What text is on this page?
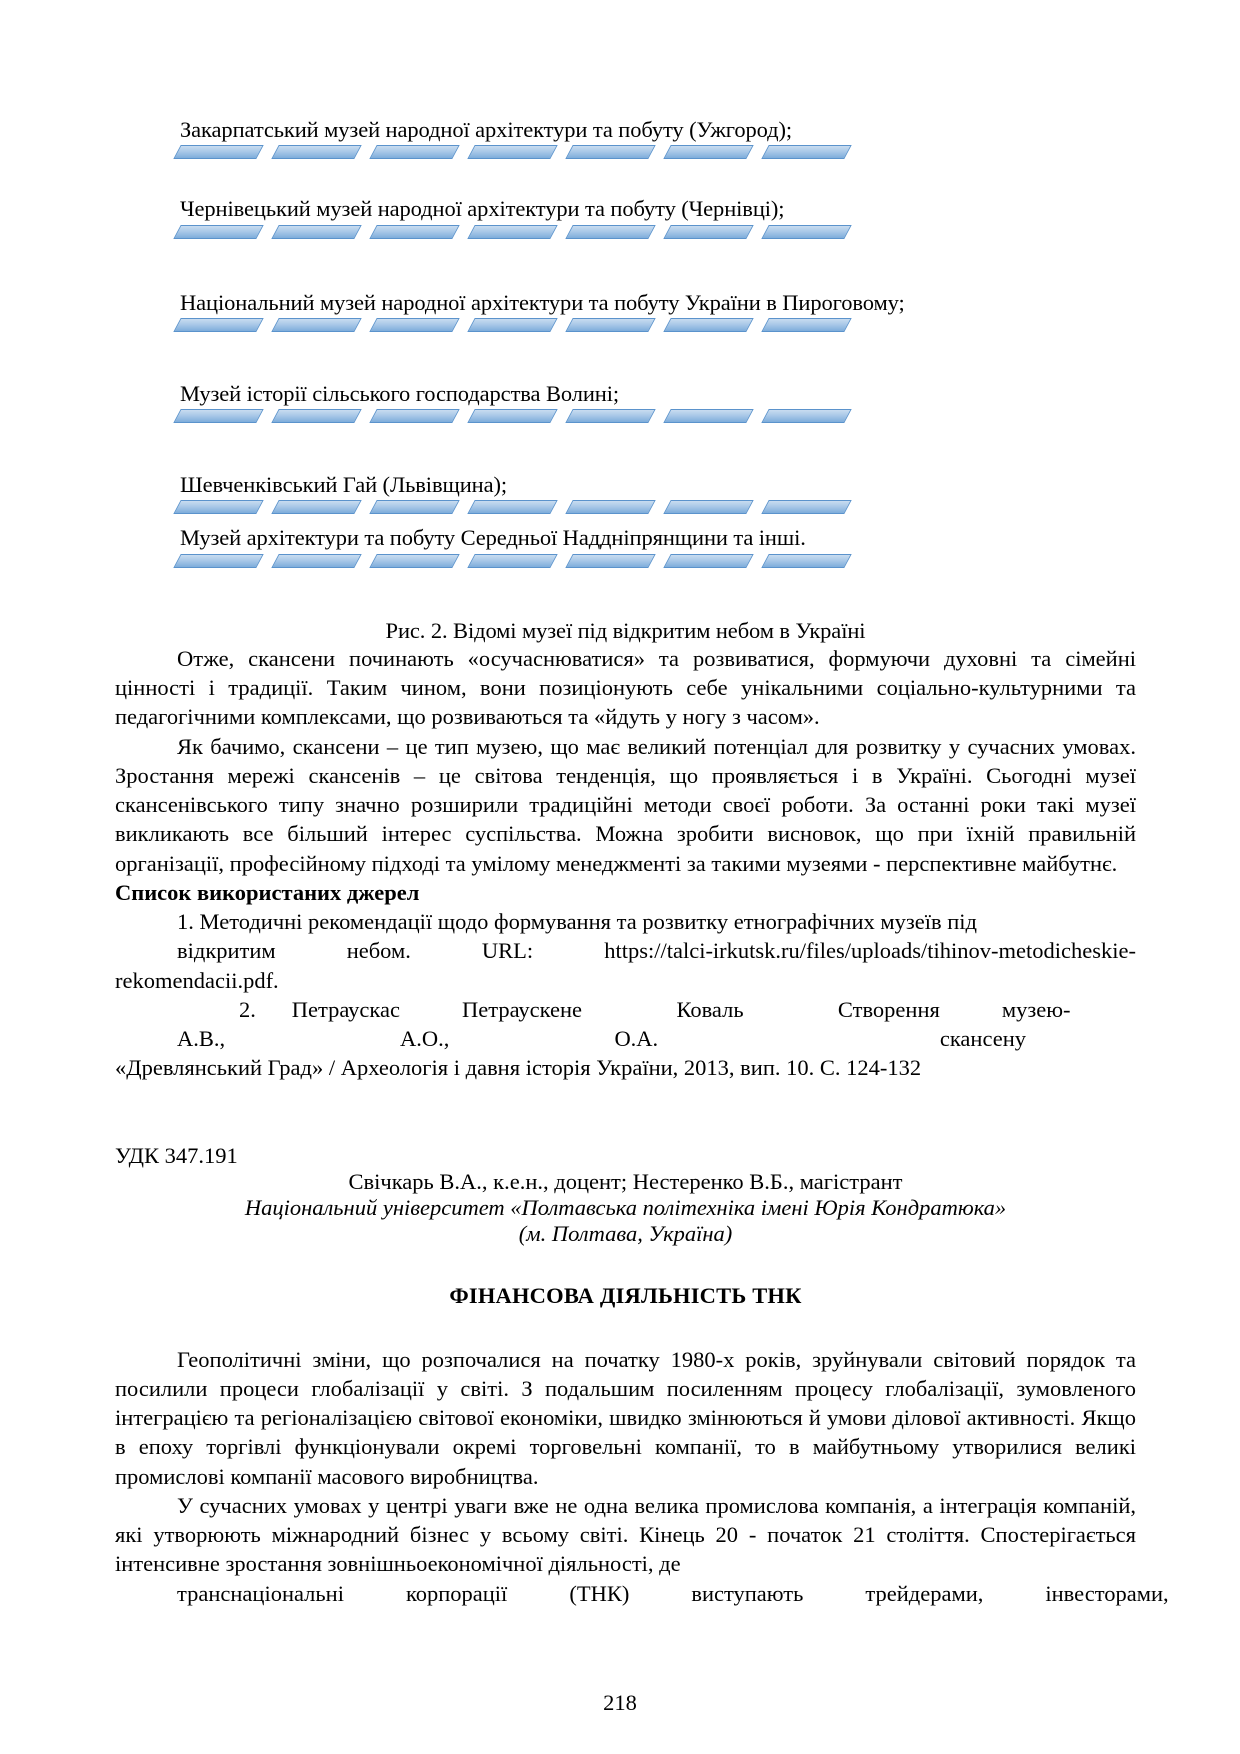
Закарпатський музей народної архітектури та побуту (Ужгород);
Чернівецький музей народної архітектури та побуту (Чернівці);
Національний музей народної архітектури та побуту України в Пироговому;
Музей історії сільського господарства Волині;
Шевченківський Гай (Львівщина);
Музей архітектури та побуту Середньої Наддніпрянщини та інші.
Рис. 2. Відомі музеї під відкритим небом в Україні

Отже, скансени починають «осучаснюватися» та розвиватися, формуючи духовні та сімейні цінності і традиції. Таким чином, вони позиціонують себе унікальними соціально-культурними та педагогічними комплексами, що розвиваються та «йдуть у ногу з часом».

Як бачимо, скансени – це тип музею, що має великий потенціал для розвитку у сучасних умовах. Зростання мережі скансенів – це світова тенденція, що проявляється і в Україні. Сьогодні музеї скансенівського типу значно розширили традиційні методи своєї роботи. За останні роки такі музеї викликають все більший інтерес суспільства. Можна зробити висновок, що при їхній правильній організації, професійному підході та умілому менеджменті за такими музеями - перспективне майбутнє.

Список використаних джерел

1. Методичні рекомендації щодо формування та розвитку етнографічних музеїв під

відкритим	небом.	URL:	https://talci-irkutsk.ru/files/uploads/tihinov-metodicheskie-

rekomendacii.pdf.

2. Петраускас А.В.,
Петраускене А.О.,
Коваль О.А.
Створення	музею-скансену

«Древлянський Град» / Археологія і давня історія України, 2013, вип. 10. С. 124-132

УДК 347.191
Свічкарь В.А., к.е.н., доцент; Нестеренко В.Б., магістрант
Національний університет «Полтавська політехніка імені Юрія Кондратюка»
(м. Полтава, Україна)
ФІНАНСОВА ДІЯЛЬНІСТЬ ТНК

Геополітичні зміни, що розпочалися на початку 1980-х років, зруйнували світовий порядок та посилили процеси глобалізації у світі. З подальшим посиленням процесу глобалізації, зумовленого інтеграцією та регіоналізацією світової економіки, швидко змінюються й умови ділової активності. Якщо в епоху торгівлі функціонували окремі торговельні компанії, то в майбутньому утворилися великі промислові компанії масового виробництва.

У сучасних умовах у центрі уваги вже не одна велика промислова компанія, а інтеграція компаній, які утворюють міжнародний бізнес у всьому світі. Кінець 20 - початок 21 століття. Спостерігається інтенсивне зростання зовнішньоекономічної діяльності, де

транснаціональні	корпорації	(ТНК)	виступають	трейдерами,	інвесторами,

218
